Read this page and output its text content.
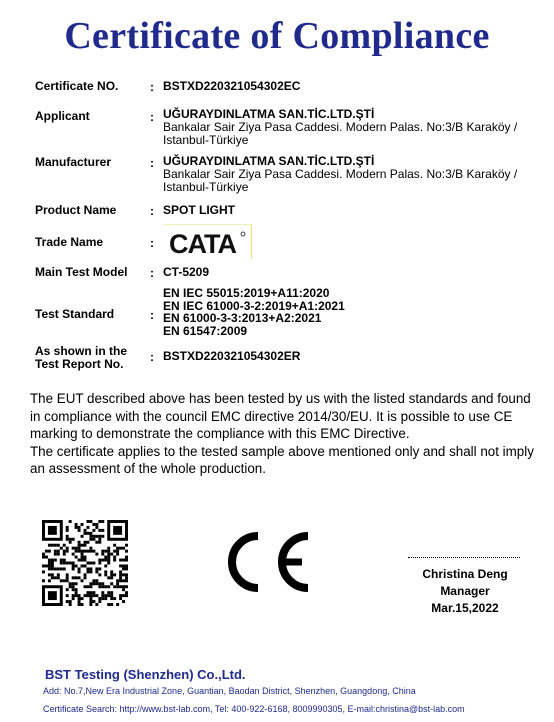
Certificate of Compliance
Certificate NO.	: BSTXD220321054302EC
Applicant	: UĞURAYDINLATMA SAN.TİC.LTD.ŞTİ
Bankalar Sair Ziya Pasa Caddesi. Modern Palas. No:3/B Karaköy /
Istanbul-Türkiye
Manufacturer	: UĞURAYDINLATMA SAN.TİC.LTD.ŞTİ
Bankalar Sair Ziya Pasa Caddesi. Modern Palas. No:3/B Karaköy /
Istanbul-Türkiye
Product Name	: SPOT LIGHT
Trade Name	: CATA
Main Test Model : CT-5209
Test Standard	:
EN IEC 55015:2019+A11:2020
EN IEC 61000-3-2:2019+A1:2021
EN 61000-3-3:2013+A2:2021
EN 61547:2009
As shown in the
Test Report No. : BSTXD220321054302ER

The EUT described above has been tested by us with the listed standards and found

in compliance with the council EMC directive 2014/30/EU. It is possible to use CE

marking to demonstrate the compliance with this EMC Directive.

The certificate applies to the tested sample above mentioned only and shall not imply

an assessment of the whole production.

Christina Deng
Manager
Mar.15,2022
BST Testing (Shenzhen) Co.,Ltd.
Add: No.7,New Era Industrial Zone, Guantian, Baodan District, Shenzhen, Guangdong, China
Certificate Search: http://www.bst-lab.com, Tel: 400-922-6168, 8009990305, E-mail:christina@bst-lab.com
